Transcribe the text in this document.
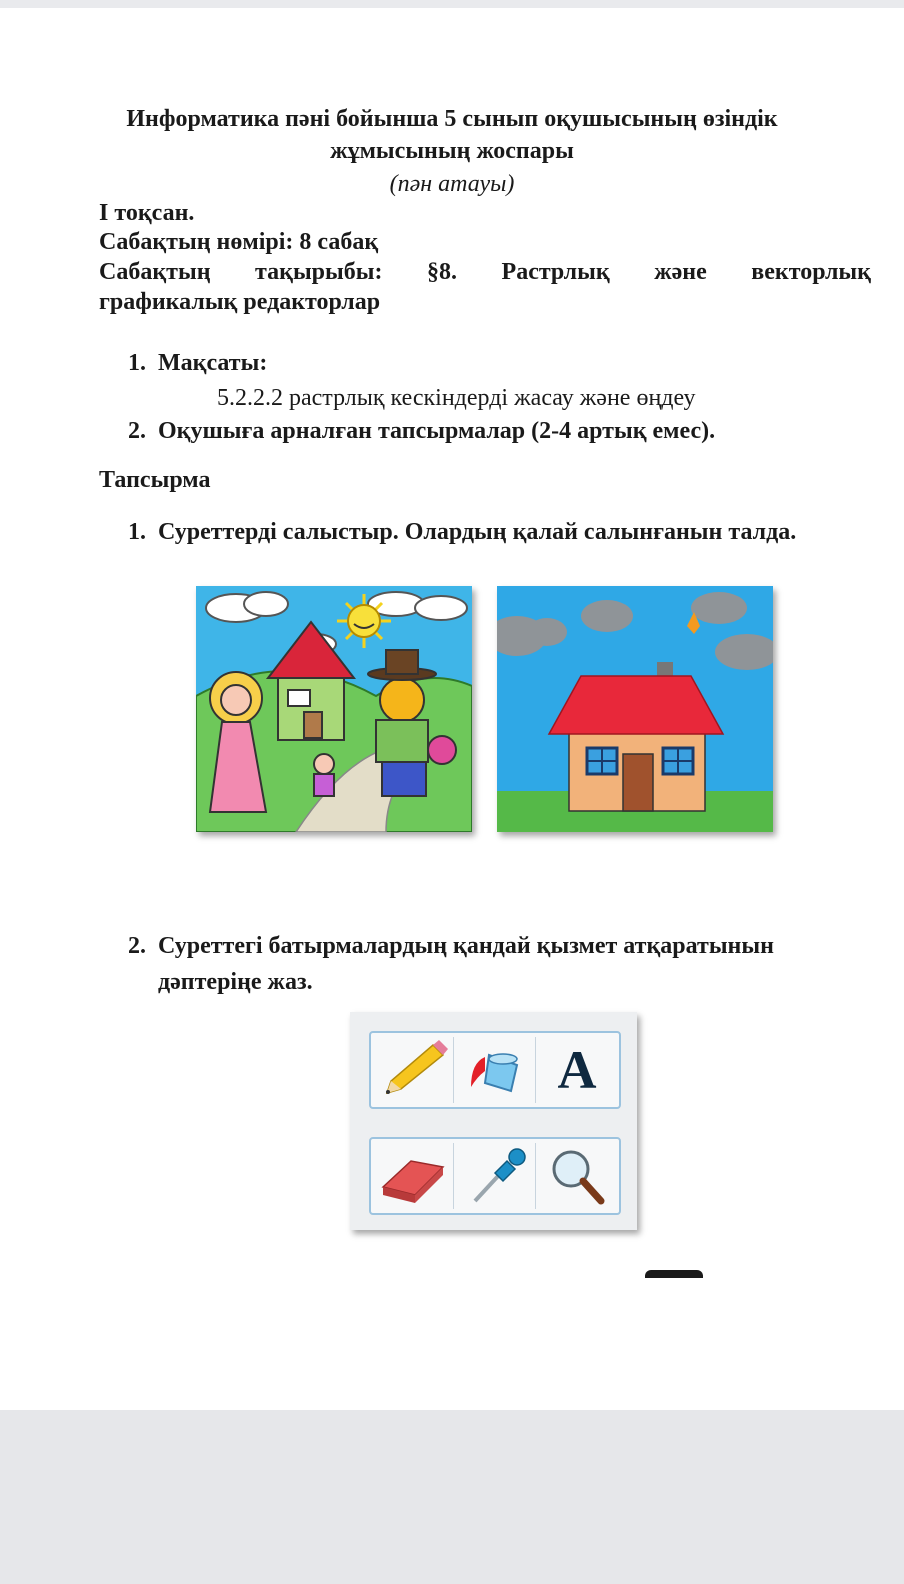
Информатика пәні бойынша 5 сынып оқушысының өзіндік
жұмысының жоспары
(пән атауы)
І тоқсан.
Сабақтың нөмірі: 8 сабақ
Сабақтың тақырыбы: §8. Растрлық және векторлық
графикалық редакторлар
1. Мақсаты:
5.2.2.2 растрлық кескіндерді жасау және өңдеу
2. Оқушыға арналған тапсырмалар (2-4 артық емес).
Тапсырма
1. Суреттерді салыстыр. Олардың қалай салынғанын талда.
2. Суреттегі батырмалардың қандай қызмет атқаратынын
дәптеріңе жаз.
A
